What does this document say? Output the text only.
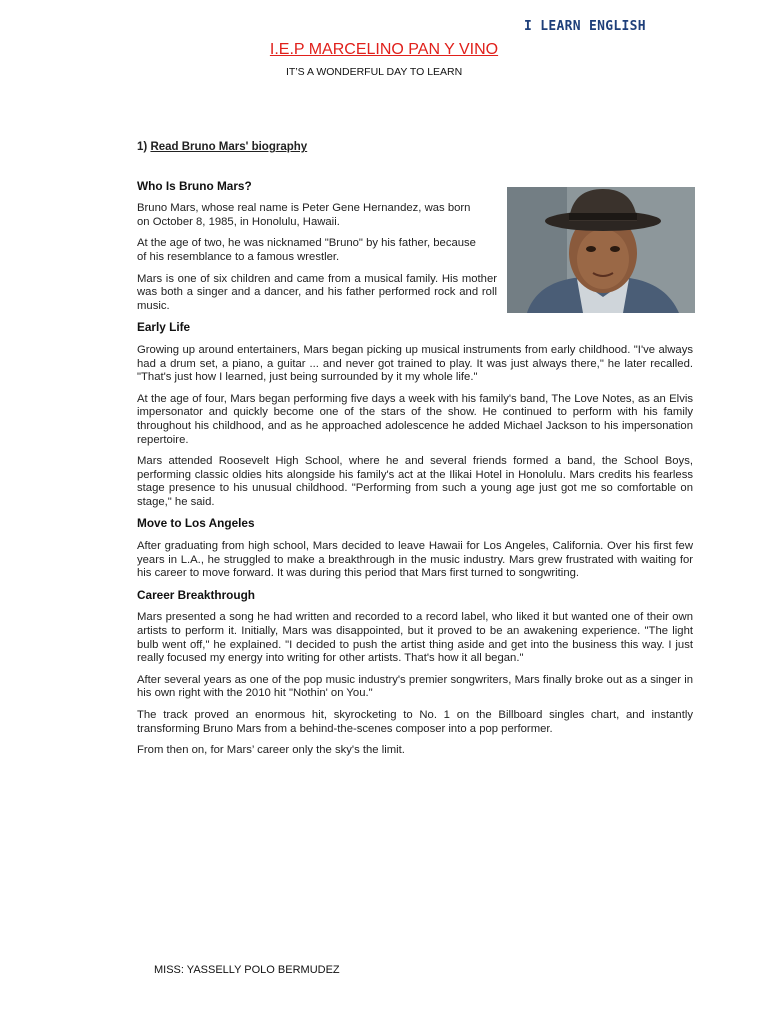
I LEARN ENGLISH
I.E.P MARCELINO PAN Y VINO
IT’S A WONDERFUL DAY TO LEARN
1) Read Bruno Mars' biography
Who Is Bruno Mars?

Bruno Mars, whose real name is Peter Gene Hernandez, was born on October 8, 1985, in Honolulu, Hawaii.

At the age of two, he was nicknamed "Bruno" by his father, because of his resemblance to a famous wrestler.

Mars is one of six children and came from a musical family. His mother was both a singer and a dancer, and his father performed rock and roll music.

Early Life

Growing up around entertainers, Mars began picking up musical instruments from early childhood. "I've always had a drum set, a piano, a guitar ... and never got trained to play. It was just always there," he later recalled. "That's just how I learned, just being surrounded by it my whole life."

At the age of four, Mars began performing five days a week with his family's band, The Love Notes, as an Elvis impersonator and quickly become one of the stars of the show. He continued to perform with his family throughout his childhood, and as he approached adolescence he added Michael Jackson to his impersonation repertoire.

Mars attended Roosevelt High School, where he and several friends formed a band, the School Boys, performing classic oldies hits alongside his family's act at the Ilikai Hotel in Honolulu. Mars credits his fearless stage presence to his unusual childhood. "Performing from such a young age just got me so comfortable on stage," he said.

Move to Los Angeles

After graduating from high school, Mars decided to leave Hawaii for Los Angeles, California. Over his first few years in L.A., he struggled to make a breakthrough in the music industry. Mars grew frustrated with waiting for his career to move forward. It was during this period that Mars first turned to songwriting.

Career Breakthrough

Mars presented a song he had written and recorded to a record label, who liked it but wanted one of their own artists to perform it. Initially, Mars was disappointed, but it proved to be an awakening experience. "The light bulb went off," he explained. "I decided to push the artist thing aside and get into the business this way. I just really focused my energy into writing for other artists. That's how it all began."

After several years as one of the pop music industry's premier songwriters, Mars finally broke out as a singer in his own right with the 2010 hit "Nothin' on You."

The track proved an enormous hit, skyrocketing to No. 1 on the Billboard singles chart, and instantly transforming Bruno Mars from a behind-the-scenes composer into a pop performer.

From then on, for Mars’ career only the sky's the limit.

MISS: YASSELLY POLO BERMUDEZ
